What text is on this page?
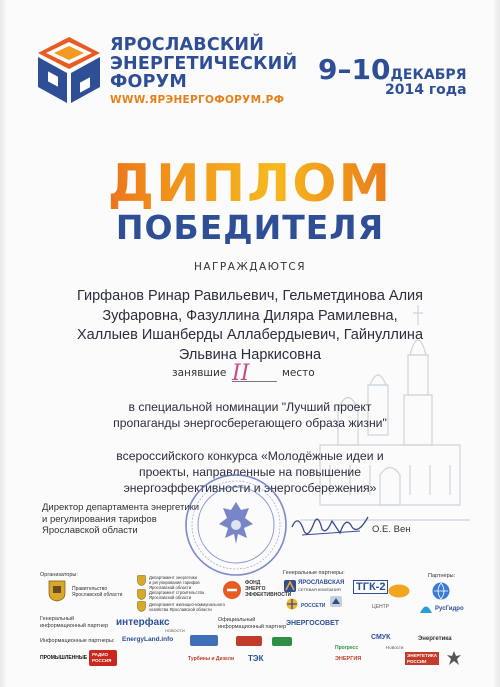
ЯРОСЛАВСКИЙ
ЭНЕРГЕТИЧЕСКИЙ
ФОРУМ
WWW.ЯРЭНЕРГОФОРУМ.РФ
9–10ДЕКАБРЯ
2014 года
ДИПЛОМ
ПОБЕДИТЕЛЯ
НАГРАЖДАЮТСЯ
Гирфанов Ринар Равильевич, Гельметдинова Алия
Зуфаровна, Фазуллина Диляра Рамилевна,
Халлыев Ишанберды Аллабердыевич, Гайнуллина
Эльвина Наркисовна
занявшие II	место
в специальной номинации "Лучший проект
пропаганды энергосберегающего образа жизни"
всероссийского конкурса «Молодёжные идеи и
проекты, направленные на повышение
энергоэффективности и энергосбережения»
Директор департамента энергетики
и регулирования тарифов
Ярославской области	О.Е. Вен
Организаторы:
Правительство
Ярославской области
Департамент энергетики
и регулирования тарифов
Ярославской области
Департамент строительства
Ярославской области
Департамент жилищно-коммунального
хозяйства Ярославской области
ФОНД
ЭНЕРГО
ЭФФЕКТИВНОСТИ
Генеральные партнеры:
ЯРОСЛАВСКАЯ
СЕТЕВАЯ КОМПАНИЯ	ТГК-2
РОССЕТИ	ЦЕНТР
Партнеры:
РусГидро
Генеральный
информационный партнер интерфакс	Официальный
информационный партнер ЭНЕРГОСОВЕТ
Информационные партнеры: EnergyLand.info
НОВОСТИ
СМУК	Энергетика
ПРОМЫШЛЕННЫЕ
РАДИО
РОССИЯ	Турбины и Дизели ТЭК
Прогресс	Новости
ЭНЕРГИЯ
ЭНЕРГЕТИКА
РОССИИ
